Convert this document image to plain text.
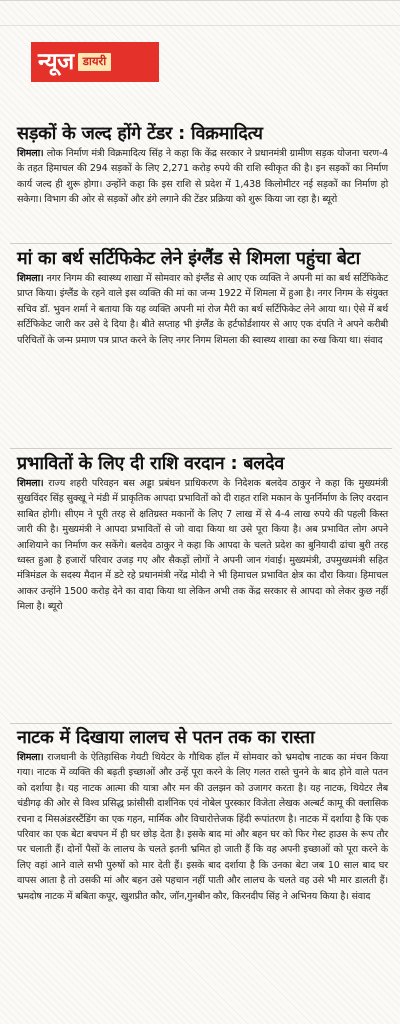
न्यूज डायरी
सड़कों के जल्द होंगे टेंडर : विक्रमादित्य

शिमला। लोक निर्माण मंत्री विक्रमादित्य सिंह ने कहा कि केंद्र सरकार ने प्रधानमंत्री ग्रामीण सड़क योजना चरण-4 के तहत हिमाचल की 294 सड़कों के लिए 2,271 करोड़ रुपये की राशि स्वीकृत की है। इन सड़कों का निर्माण कार्य जल्द ही शुरू होगा। उन्होंने कहा कि इस राशि से प्रदेश में 1,438 किलोमीटर नई सड़कों का निर्माण हो सकेगा। विभाग की ओर से सड़कों और डंगे लगाने की टेंडर प्रक्रिया को शुरू किया जा रहा है। ब्यूरो

मां का बर्थ सर्टिफिकेट लेने इंग्लैंड से शिमला पहुंचा बेटा

शिमला। नगर निगम की स्वास्थ्य शाखा में सोमवार को इंग्लैंड से आए एक व्यक्ति ने अपनी मां का बर्थ सर्टिफिकेट प्राप्त किया। इंग्लैंड के रहने वाले इस व्यक्ति की मां का जन्म 1922 में शिमला में हुआ है। नगर निगम के संयुक्त सचिव डॉ. भुवन शर्मा ने बताया कि यह व्यक्ति अपनी मां रोज मैरी का बर्थ सर्टिफिकेट लेने आया था। ऐसे में बर्थ सर्टिफिकेट जारी कर उसे दे दिया है। बीते सप्ताह भी इंग्लैंड के हर्टफोर्डशायर से आए एक दंपति ने अपने करीबी परिचितों के जन्म प्रमाण पत्र प्राप्त करने के लिए नगर निगम शिमला की स्वास्थ्य शाखा का रुख किया था। संवाद

प्रभावितों के लिए दी राशि वरदान : बलदेव

शिमला। राज्य शहरी परिवहन बस अड्डा प्रबंधन प्राधिकरण के निदेशक बलदेव ठाकुर ने कहा कि मुख्यमंत्री सुखविंदर सिंह सुक्खू ने मंडी में प्राकृतिक आपदा प्रभावितों को दी राहत राशि मकान के पुनर्निर्माण के लिए वरदान साबित होगी। सीएम ने पूरी तरह से क्षतिग्रस्त मकानों के लिए 7 लाख में से 4-4 लाख रुपये की पहली किस्त जारी की है। मुख्यमंत्री ने आपदा प्रभावितों से जो वादा किया था उसे पूरा किया है। अब प्रभावित लोग अपने आशियाने का निर्माण कर सकेंगे। बलदेव ठाकुर ने कहा कि आपदा के चलते प्रदेश का बुनियादी ढांचा बुरी तरह ध्वस्त हुआ है हजारों परिवार उजड़ गए और सैकड़ों लोगों ने अपनी जान गंवाई। मुख्यमंत्री, उपमुख्यमंत्री सहित मंत्रिमंडल के सदस्य मैदान में डटे रहे प्रधानमंत्री नरेंद्र मोदी ने भी हिमाचल प्रभावित क्षेत्र का दौरा किया। हिमाचल आकर उन्होंने 1500 करोड़ देने का वादा किया था लेकिन अभी तक केंद्र सरकार से आपदा को लेकर कुछ नहीं मिला है। ब्यूरो

नाटक में दिखाया लालच से पतन तक का रास्ता

शिमला। राजधानी के ऐतिहासिक गेयटी थियेटर के गौथिक हॉल में सोमवार को भ्रमदोष नाटक का मंचन किया गया। नाटक में व्यक्ति की बढ़ती इच्छाओं और उन्हें पूरा करने के लिए गलत रास्ते चुनने के बाद होने वाले पतन को दर्शाया है। यह नाटक आत्मा की यात्रा और मन की उलझन को उजागर करता है। यह नाटक, थियेटर लैब चंडीगढ़ की ओर से विश्व प्रसिद्ध फ्रांसीसी दार्शनिक एवं नोबेल पुरस्कार विजेता लेखक अल्बर्ट कामू की क्लासिक रचना द मिसअंडरस्टैंडिंग का एक गहन, मार्मिक और विचारोत्तेजक हिंदी रूपांतरण है। नाटक में दर्शाया है कि एक परिवार का एक बेटा बचपन में ही घर छोड़ देता है। इसके बाद मां और बहन घर को फिर गेस्ट हाउस के रूप तौर पर चलाती हैं। दोनों पैसों के लालच के चलते इतनी भ्रमित हो जाती हैं कि वह अपनी इच्छाओं को पूरा करने के लिए वहां आने वाले सभी पुरुषों को मार देती हैं। इसके बाद दर्शाया है कि उनका बेटा जब 10 साल बाद घर वापस आता है तो उसकी मां और बहन उसे पहचान नहीं पाती और लालच के चलते वह उसे भी मार डालती हैं। भ्रमदोष नाटक में बबिता कपूर, खुशप्रीत कौर, जॉन,गुनबीन कौर, किरनदीप सिंह ने अभिनय किया है। संवाद
